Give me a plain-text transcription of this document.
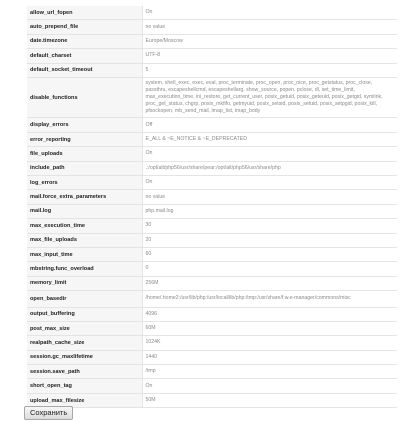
allow_url_fopen	On
auto_prepend_file	no value
date.timezone	Europe/Moscow
default_charset	UTF-8
default_socket_timeout	5
disable_functions	system, shell_exec, exec, eval, proc_terminate, proc_open, proc_nice, proc_getstatus, proc_close, passthru, escapeshellcmd, escapeshellarg, show_source, popen, pclose, dl, set_time_limit, max_execution_time, ini_restore, get_current_user, posix_getuid, posix_geteuid, posix_getgid, symlink, proc_get_status, chgrp, posix_mkfifo, getmyuid, posix_setsid, posix_setuid, posix_setpgid, posix_kill, pfsockopen, mb_send_mail, imap_list, imap_body
display_errors	Off
error_reporting	E_ALL & ~E_NOTICE & ~E_DEPRECATED
file_uploads	On
include_path	.:/opt/alt/php56/usr/share/pear:/opt/alt/php56/usr/share/php
log_errors	On
mail.force_extra_parameters	no value
mail.log	php.mail.log
max_execution_time	30
max_file_uploads	20
max_input_time	60
mbstring.func_overload	0
memory_limit	256M
open_basedir	/home/.home2:/usr/lib/php:/usr/local/lib/php:/tmp:/usr/share/f.w.e-manager/commons/misc
output_buffering	4096
post_max_size	60M
realpath_cache_size	1024K
session.gc_maxlifetime	1440
session.save_path	/tmp
short_open_tag	On
upload_max_filesize	50M
Сохранить
